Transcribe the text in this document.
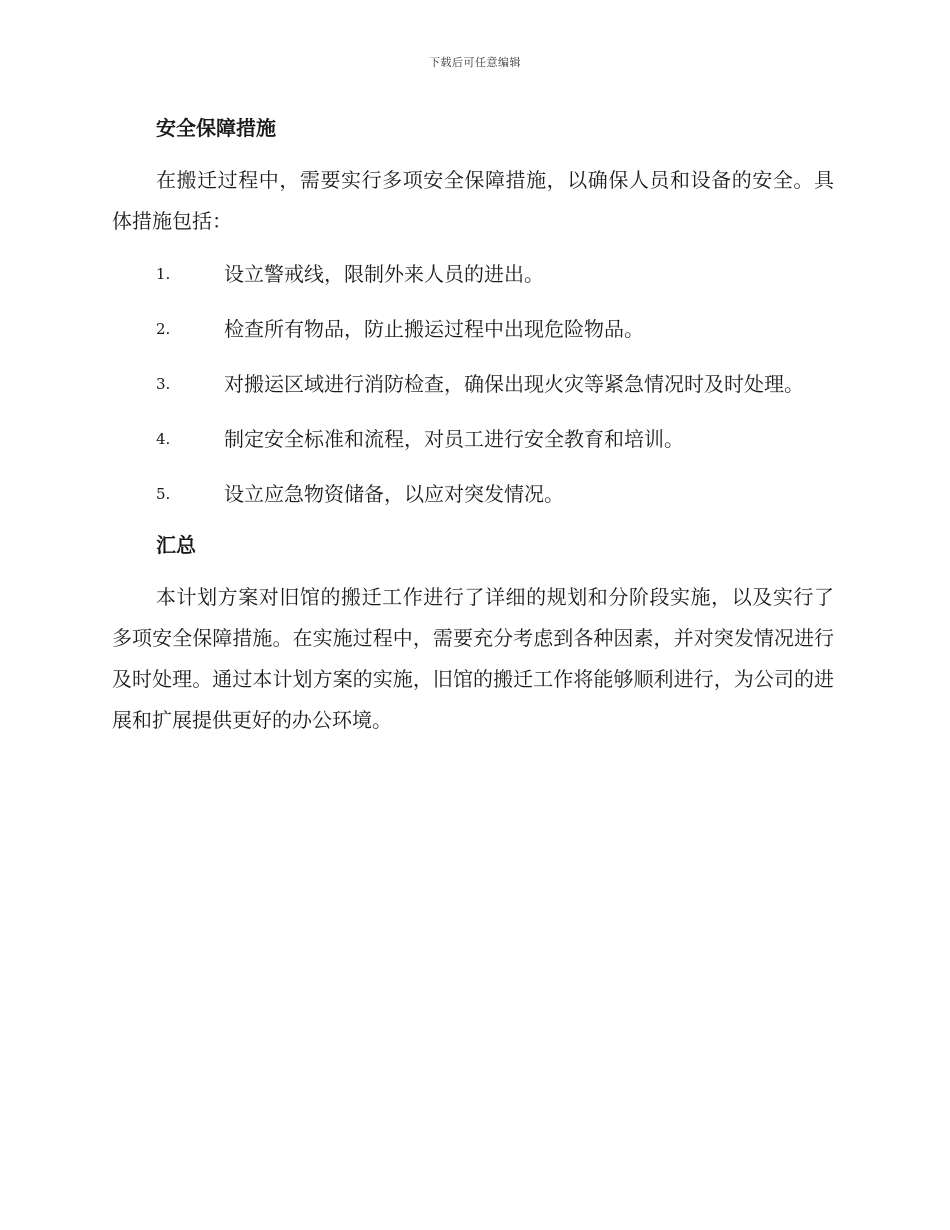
下载后可任意编辑
安全保障措施

在搬迁过程中，需要实行多项安全保障措施，以确保人员和设备的安全。具体措施包括：

1.	设立警戒线，限制外来人员的进出。
2.	检查所有物品，防止搬运过程中出现危险物品。
3.	对搬运区域进行消防检查，确保出现火灾等紧急情况时及时处理。
4.	制定安全标准和流程，对员工进行安全教育和培训。
5.	设立应急物资储备，以应对突发情况。
汇总

本计划方案对旧馆的搬迁工作进行了详细的规划和分阶段实施，以及实行了多项安全保障措施。在实施过程中，需要充分考虑到各种因素，并对突发情况进行及时处理。通过本计划方案的实施，旧馆的搬迁工作将能够顺利进行，为公司的进展和扩展提供更好的办公环境。
